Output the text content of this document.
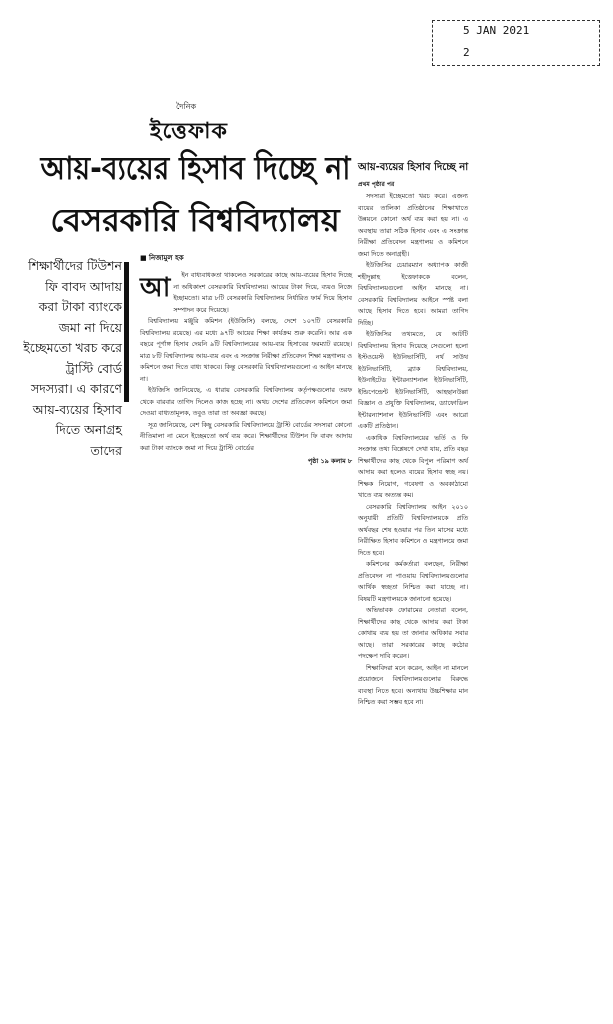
দৈনিক
ইত্তেফাক
5 JAN 2021
2
আয়-ব্যয়ের হিসাব দিচ্ছে না
বেসরকারি বিশ্ববিদ্যালয়
শিক্ষার্থীদের টিউশন
ফি বাবদ আদায়
করা টাকা ব্যাংকে
জমা না দিয়ে
ইচ্ছেমতো খরচ করে
ট্রাস্টি বোর্ড
সদস্যরা। এ কারণে
আয়-ব্যয়ের হিসাব
দিতে অনাগ্রহ
তাদের
■ নিজামুল হক

আ ইন বাধ্যবাধকতা থাকলেও সরকারের কাছে আয়-ব্যয়ের হিসাব দিচ্ছে না অধিকাংশ বেসরকারি বিশ্ববিদ্যালয়। আয়ের টাকা দিয়ে, ব্যয়ও নিজে ইচ্ছামতো। মাত্র ৮টি বেসরকারি বিশ্ববিদ্যালয় নির্ধারিত ফার্ম দিয়ে হিসাব সম্পাদন করে দিয়েছে।

বিশ্ববিদ্যালয় মঞ্জুরি কমিশন (ইউজিসি) বলছে, দেশে ১০৭টি বেসরকারি বিশ্ববিদ্যালয় রয়েছে। এর মধ্যে ৯৭টি আয়ের শিক্ষা কার্যক্রম শুরু করেনি। আর এক বছরে পূর্ণাঙ্গ হিসাব দেয়নি ৯টি বিশ্ববিদ্যালয়ের আয়-ব্যয় হিসাবের ফরম্যাট রয়েছে। মাত্র ৮টি বিশ্ববিদ্যালয় আয়-ব্যয় এবং এ সংক্রান্ত নিরীক্ষা প্রতিবেদন শিক্ষা মন্ত্রণালয় ও কমিশনে জমা দিতে বাধ্য থাকবে। কিন্তু বেসরকারি বিশ্ববিদ্যালয়গুলো এ আইন মানছে না।

ইউজিসি জানিয়েছে, এ ধারায় বেসরকারি বিশ্ববিদ্যালয় কর্তৃপক্ষগুলোর তরফ থেকে বারবার তাগিদ দিলেও কাজ হচ্ছে না। অথচ দেশের প্রতিবেদন কমিশনে জমা দেওয়া বাধ্যতামূলক, তবুও তারা তা অবজ্ঞা করছে।

সূত্র জানিয়েছে, বেশ কিছু বেসরকারি বিশ্ববিদ্যালয়ে ট্রাস্টি বোর্ডের সদস্যরা কোনো নীতিমালা না মেনে ইচ্ছেমতো অর্থ ব্যয় করে। শিক্ষার্থীদের টিউশন ফি বাবদ আদায় করা টাকা ব্যাংকে জমা না দিয়ে ট্রাস্টি বোর্ডের

পৃষ্ঠা ১৯ কলাম ৮
আয়-ব্যয়ের হিসাব দিচ্ছে না
প্রথম পৃষ্ঠার পর

সদস্যরা ইচ্ছেমতো খরচ করে। এজন্য ব্যয়ের তালিকা প্রতিষ্ঠানের শিক্ষাখাতে উন্নয়নে কোনো অর্থ ব্যয় করা হয় না। এ অবস্থায় তারা সঠিক হিসাব এবং এ সংক্রান্ত নিরীক্ষা প্রতিবেদন মন্ত্রণালয় ও কমিশনে জমা দিতে অনাগ্রহী।

ইউজিসির চেয়ারম্যান অধ্যাপক কাজী শহীদুল্লাহ ইত্তেফাককে বলেন, বিশ্ববিদ্যালয়গুলো আইন মানছে না। বেসরকারি বিশ্ববিদ্যালয় আইনে স্পষ্ট বলা আছে হিসাব দিতে হবে। আমরা তাগিদ দিচ্ছি।

ইউজিসির তথ্যমতে, যে আটটি বিশ্ববিদ্যালয় হিসাব দিয়েছে সেগুলো হলো ইস্টওয়েস্ট ইউনিভার্সিটি, নর্থ সাউথ ইউনিভার্সিটি, ব্র্যাক বিশ্ববিদ্যালয়, ইউনাইটেড ইন্টারন্যাশনাল ইউনিভার্সিটি, ইন্ডিপেন্ডেন্ট ইউনিভার্সিটি, আহছানউল্লা বিজ্ঞান ও প্রযুক্তি বিশ্ববিদ্যালয়, ড্যাফোডিল ইন্টারন্যাশনাল ইউনিভার্সিটি এবং আরো একটি প্রতিষ্ঠান।

একাধিক বিশ্ববিদ্যালয়ের ভর্তি ও ফি সংক্রান্ত তথ্য বিশ্লেষণে দেখা যায়, প্রতি বছর শিক্ষার্থীদের কাছ থেকে বিপুল পরিমাণ অর্থ আদায় করা হলেও ব্যয়ের হিসাব স্বচ্ছ নয়। শিক্ষক নিয়োগ, গবেষণা ও অবকাঠামো খাতে ব্যয় অত্যন্ত কম।

বেসরকারি বিশ্ববিদ্যালয় আইন ২০১০ অনুযায়ী প্রতিটি বিশ্ববিদ্যালয়কে প্রতি অর্থবছর শেষ হওয়ার পর তিন মাসের মধ্যে নিরীক্ষিত হিসাব কমিশনে ও মন্ত্রণালয়ে জমা দিতে হবে।

কমিশনের কর্মকর্তারা বলছেন, নিরীক্ষা প্রতিবেদন না পাওয়ায় বিশ্ববিদ্যালয়গুলোর আর্থিক স্বচ্ছতা নিশ্চিত করা যাচ্ছে না। বিষয়টি মন্ত্রণালয়কে জানানো হয়েছে।

অভিভাবক ফোরামের নেতারা বলেন, শিক্ষার্থীদের কাছ থেকে আদায় করা টাকা কোথায় ব্যয় হয় তা জানার অধিকার সবার আছে। তারা সরকারের কাছে কঠোর পদক্ষেপ দাবি করেন।

শিক্ষাবিদরা মনে করেন, আইন না মানলে প্রয়োজনে বিশ্ববিদ্যালয়গুলোর বিরুদ্ধে ব্যবস্থা নিতে হবে। অন্যথায় উচ্চশিক্ষার মান নিশ্চিত করা সম্ভব হবে না।
